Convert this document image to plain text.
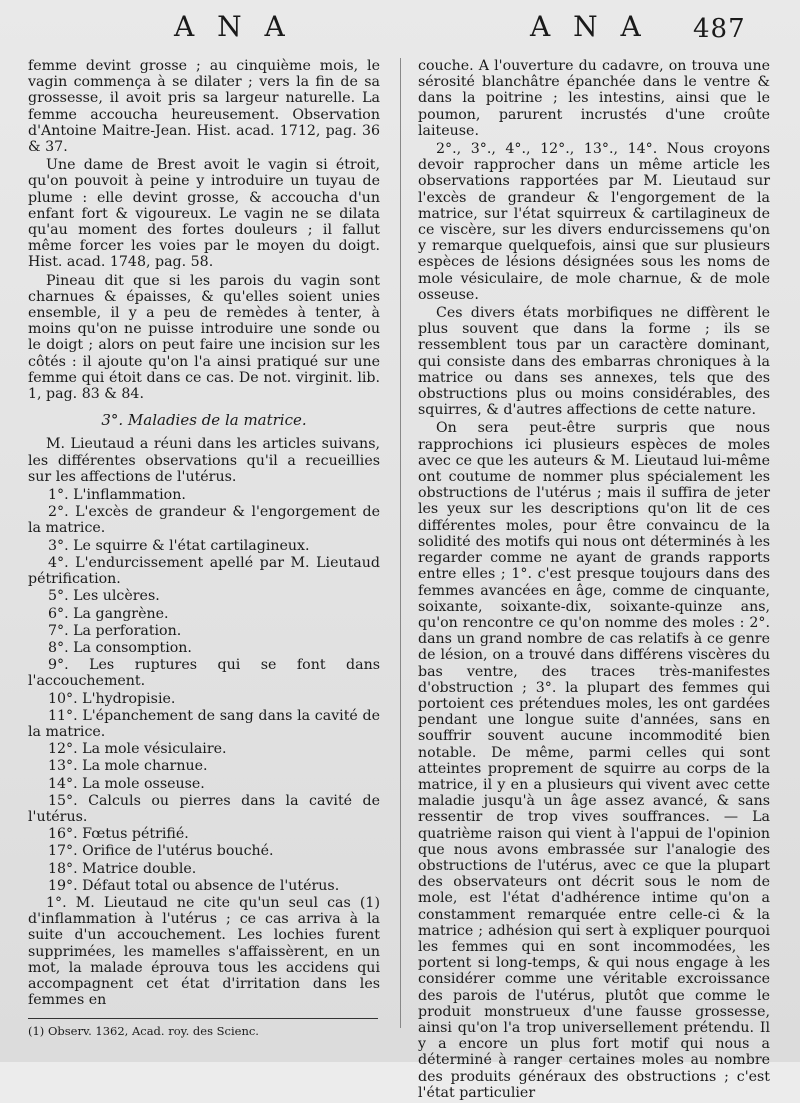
A N A	A N A 487

femme devint grosse ; au cinquième mois, le vagin commença à se dilater ; vers la fin de sa grossesse, il avoit pris sa largeur naturelle. La femme accoucha heureusement. Observation d'Antoine Maitre-Jean. Hist. acad. 1712, pag. 36 & 37.

Une dame de Brest avoit le vagin si étroit, qu'on pouvoit à peine y introduire un tuyau de plume : elle devint grosse, & accoucha d'un enfant fort & vigoureux. Le vagin ne se dilata qu'au moment des fortes douleurs ; il fallut même forcer les voies par le moyen du doigt. Hist. acad. 1748, pag. 58.

Pineau dit que si les parois du vagin sont charnues & épaisses, & qu'elles soient unies ensemble, il y a peu de remèdes à tenter, à moins qu'on ne puisse introduire une sonde ou le doigt ; alors on peut faire une incision sur les côtés : il ajoute qu'on l'a ainsi pratiqué sur une femme qui étoit dans ce cas. De not. virginit. lib. 1, pag. 83 & 84.

3°. Maladies de la matrice.

M. Lieutaud a réuni dans les articles suivans, les différentes observations qu'il a recueillies sur les affections de l'utérus.

1°. L'inflammation.
2°. L'excès de grandeur & l'engorgement de la matrice.
3°. Le squirre & l'état cartilagineux.
4°. L'endurcissement apellé par M. Lieutaud pétrification.
5°. Les ulcères.
6°. La gangrène.
7°. La perforation.
8°. La consomption.
9°. Les ruptures qui se font dans l'accouchement.
10°. L'hydropisie.
11°. L'épanchement de sang dans la cavité de la matrice.
12°. La mole vésiculaire.
13°. La mole charnue.
14°. La mole osseuse.
15°. Calculs ou pierres dans la cavité de l'utérus.
16°. Fœtus pétrifié.
17°. Orifice de l'utérus bouché.
18°. Matrice double.
19°. Défaut total ou absence de l'utérus.

1°. M. Lieutaud ne cite qu'un seul cas (1) d'inflammation à l'utérus ; ce cas arriva à la suite d'un accouchement. Les lochies furent supprimées, les mamelles s'affaissèrent, en un mot, la malade éprouva tous les accidens qui accompagnent cet état d'irritation dans les femmes en

(1) Observ. 1362, Acad. roy. des Scienc.

couche. A l'ouverture du cadavre, on trouva une sérosité blanchâtre épanchée dans le ventre & dans la poitrine ; les intestins, ainsi que le poumon, parurent incrustés d'une croûte laiteuse.

2°., 3°., 4°., 12°., 13°., 14°. Nous croyons devoir rapprocher dans un même article les observations rapportées par M. Lieutaud sur l'excès de grandeur & l'engorgement de la matrice, sur l'état squirreux & cartilagineux de ce viscère, sur les divers endurcissemens qu'on y remarque quelquefois, ainsi que sur plusieurs espèces de lésions désignées sous les noms de mole vésiculaire, de mole charnue, & de mole osseuse.

Ces divers états morbifiques ne diffèrent le plus souvent que dans la forme ; ils se ressemblent tous par un caractère dominant, qui consiste dans des embarras chroniques à la matrice ou dans ses annexes, tels que des obstructions plus ou moins considérables, des squirres, & d'autres affections de cette nature.

On sera peut-être surpris que nous rapprochions ici plusieurs espèces de moles avec ce que les auteurs & M. Lieutaud lui-même ont coutume de nommer plus spécialement les obstructions de l'utérus ; mais il suffira de jeter les yeux sur les descriptions qu'on lit de ces différentes moles, pour être convaincu de la solidité des motifs qui nous ont déterminés à les regarder comme ne ayant de grands rapports entre elles ; 1°. c'est presque toujours dans des femmes avancées en âge, comme de cinquante, soixante, soixante-dix, soixante-quinze ans, qu'on rencontre ce qu'on nomme des moles : 2°. dans un grand nombre de cas relatifs à ce genre de lésion, on a trouvé dans différens viscères du bas ventre, des traces très-manifestes d'obstruction ; 3°. la plupart des femmes qui portoient ces prétendues moles, les ont gardées pendant une longue suite d'années, sans en souffrir souvent aucune incommodité bien notable. De même, parmi celles qui sont atteintes proprement de squirre au corps de la matrice, il y en a plusieurs qui vivent avec cette maladie jusqu'à un âge assez avancé, & sans ressentir de trop vives souffrances. — La quatrième raison qui vient à l'appui de l'opinion que nous avons embrassée sur l'analogie des obstructions de l'utérus, avec ce que la plupart des observateurs ont décrit sous le nom de mole, est l'état d'adhérence intime qu'on a constamment remarquée entre celle-ci & la matrice ; adhésion qui sert à expliquer pourquoi les femmes qui en sont incommodées, les portent si long-temps, & qui nous engage à les considérer comme une véritable excroissance des parois de l'utérus, plutôt que comme le produit monstrueux d'une fausse grossesse, ainsi qu'on l'a trop universellement prétendu. Il y a encore un plus fort motif qui nous a déterminé à ranger certaines moles au nombre des produits généraux des obstructions ; c'est l'état particulier
